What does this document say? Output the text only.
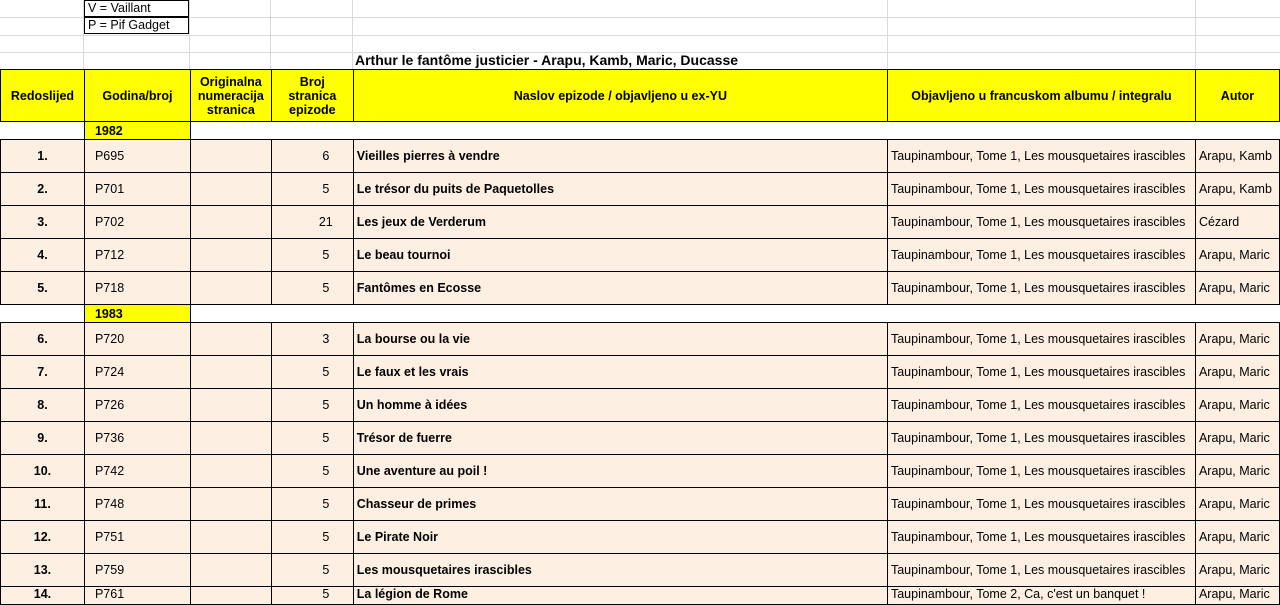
V = Vaillant
P = Pif Gadget
Arthur le fantôme justicier - Arapu, Kamb, Maric, Ducasse
Redoslijed	Godina/broj	Originalna numeracija stranica	Broj stranica epizode	Naslov epizode / objavljeno u ex-YU	Objavljeno u francuskom albumu / integralu	Autor
	1982					
1.	P695		6	Vieilles pierres à vendre	Taupinambour, Tome 1, Les mousquetaires irascibles	Arapu, Kamb
2.	P701		5	Le trésor du puits de Paquetolles	Taupinambour, Tome 1, Les mousquetaires irascibles	Arapu, Kamb
3.	P702		21	Les jeux de Verderum	Taupinambour, Tome 1, Les mousquetaires irascibles	Cézard
4.	P712		5	Le beau tournoi	Taupinambour, Tome 1, Les mousquetaires irascibles	Arapu, Maric
5.	P718		5	Fantômes en Ecosse	Taupinambour, Tome 1, Les mousquetaires irascibles	Arapu, Maric
	1983					
6.	P720		3	La bourse ou la vie	Taupinambour, Tome 1, Les mousquetaires irascibles	Arapu, Maric
7.	P724		5	Le faux et les vrais	Taupinambour, Tome 1, Les mousquetaires irascibles	Arapu, Maric
8.	P726		5	Un homme à idées	Taupinambour, Tome 1, Les mousquetaires irascibles	Arapu, Maric
9.	P736		5	Trésor de fuerre	Taupinambour, Tome 1, Les mousquetaires irascibles	Arapu, Maric
10.	P742		5	Une aventure au poil !	Taupinambour, Tome 1, Les mousquetaires irascibles	Arapu, Maric
11.	P748		5	Chasseur de primes	Taupinambour, Tome 1, Les mousquetaires irascibles	Arapu, Maric
12.	P751		5	Le Pirate Noir	Taupinambour, Tome 1, Les mousquetaires irascibles	Arapu, Maric
13.	P759		5	Les mousquetaires irascibles	Taupinambour, Tome 1, Les mousquetaires irascibles	Arapu, Maric
14.	P761		5	La légion de Rome	Taupinambour, Tome 2, Ca, c'est un banquet !	Arapu, Maric
